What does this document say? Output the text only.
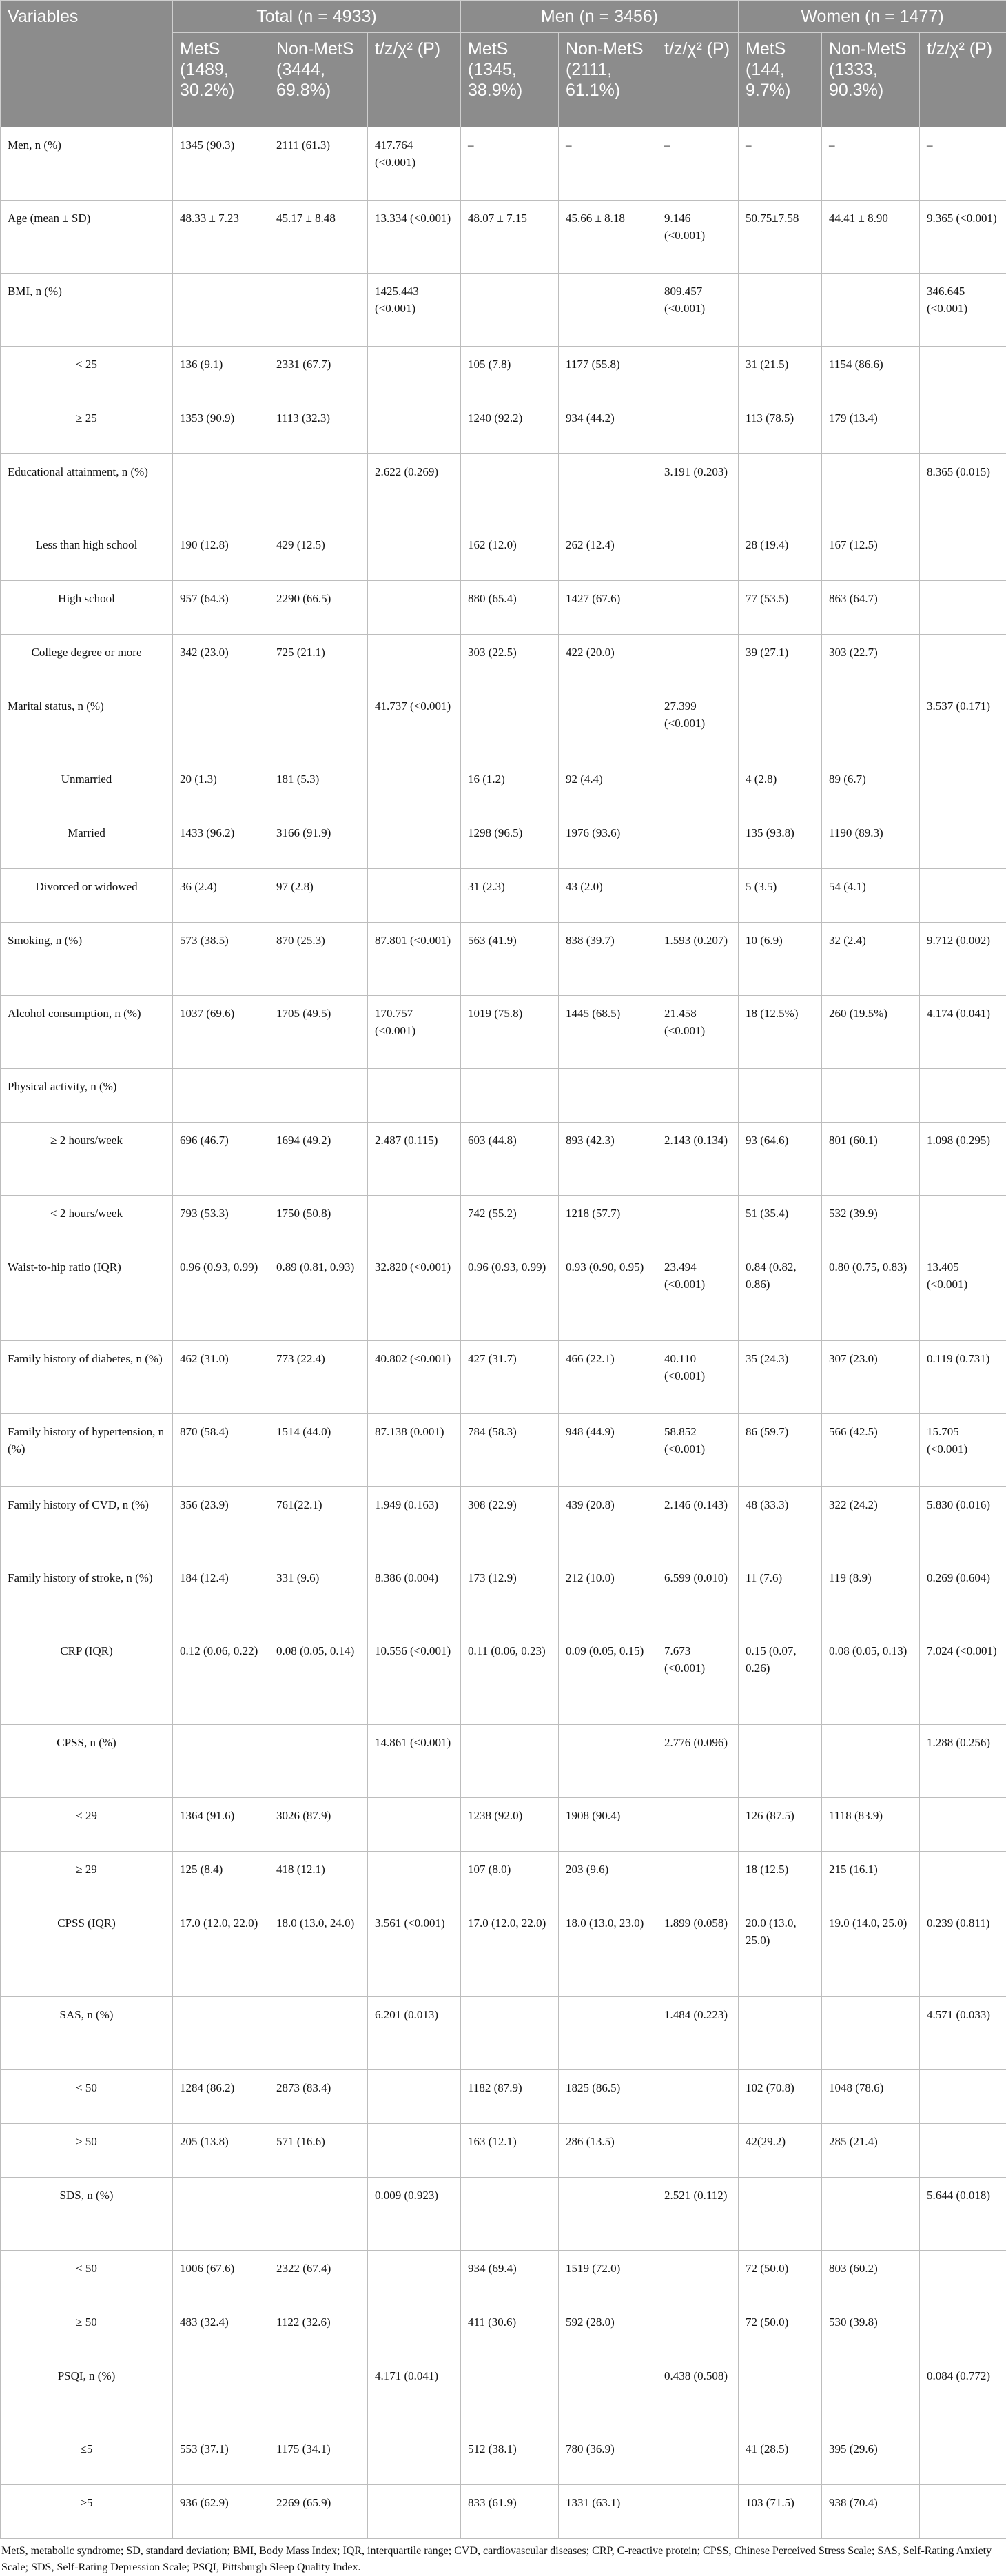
Variables	Total (n = 4933)			Men (n = 3456)			Women (n = 1477)		
	MetS (1489, 30.2%)	Non-MetS (3444, 69.8%)	t/z/χ² (P)	MetS (1345, 38.9%)	Non-MetS (2111, 61.1%)	t/z/χ² (P)	MetS (144, 9.7%)	Non-MetS (1333, 90.3%)	t/z/χ² (P)
Men, n (%)	1345 (90.3)	2111 (61.3)	417.764 (<0.001)	–	–	–	–	–	–
Age (mean ± SD)	48.33 ± 7.23	45.17 ± 8.48	13.334 (<0.001)	48.07 ± 7.15	45.66 ± 8.18	9.146 (<0.001)	50.75±7.58	44.41 ± 8.90	9.365 (<0.001)
BMI, n (%)			1425.443 (<0.001)			809.457 (<0.001)			346.645 (<0.001)
< 25	136 (9.1)	2331 (67.7)		105 (7.8)	1177 (55.8)		31 (21.5)	1154 (86.6)	
≥ 25	1353 (90.9)	1113 (32.3)		1240 (92.2)	934 (44.2)		113 (78.5)	179 (13.4)	
Educational attainment, n (%)			2.622 (0.269)			3.191 (0.203)			8.365 (0.015)
Less than high school	190 (12.8)	429 (12.5)		162 (12.0)	262 (12.4)		28 (19.4)	167 (12.5)	
High school	957 (64.3)	2290 (66.5)		880 (65.4)	1427 (67.6)		77 (53.5)	863 (64.7)	
College degree or more	342 (23.0)	725 (21.1)		303 (22.5)	422 (20.0)		39 (27.1)	303 (22.7)	
Marital status, n (%)			41.737 (<0.001)			27.399 (<0.001)			3.537 (0.171)
Unmarried	20 (1.3)	181 (5.3)		16 (1.2)	92 (4.4)		4 (2.8)	89 (6.7)	
Married	1433 (96.2)	3166 (91.9)		1298 (96.5)	1976 (93.6)		135 (93.8)	1190 (89.3)	
Divorced or widowed	36 (2.4)	97 (2.8)		31 (2.3)	43 (2.0)		5 (3.5)	54 (4.1)	
Smoking, n (%)	573 (38.5)	870 (25.3)	87.801 (<0.001)	563 (41.9)	838 (39.7)	1.593 (0.207)	10 (6.9)	32 (2.4)	9.712 (0.002)
Alcohol consumption, n (%)	1037 (69.6)	1705 (49.5)	170.757 (<0.001)	1019 (75.8)	1445 (68.5)	21.458 (<0.001)	18 (12.5%)	260 (19.5%)	4.174 (0.041)
Physical activity, n (%)									
≥ 2 hours/week	696 (46.7)	1694 (49.2)	2.487 (0.115)	603 (44.8)	893 (42.3)	2.143 (0.134)	93 (64.6)	801 (60.1)	1.098 (0.295)
< 2 hours/week	793 (53.3)	1750 (50.8)		742 (55.2)	1218 (57.7)		51 (35.4)	532 (39.9)	
Waist-to-hip ratio (IQR)	0.96 (0.93, 0.99)	0.89 (0.81, 0.93)	32.820 (<0.001)	0.96 (0.93, 0.99)	0.93 (0.90, 0.95)	23.494 (<0.001)	0.84 (0.82, 0.86)	0.80 (0.75, 0.83)	13.405 (<0.001)
Family history of diabetes, n (%)	462 (31.0)	773 (22.4)	40.802 (<0.001)	427 (31.7)	466 (22.1)	40.110 (<0.001)	35 (24.3)	307 (23.0)	0.119 (0.731)
Family history of hypertension, n (%)	870 (58.4)	1514 (44.0)	87.138 (0.001)	784 (58.3)	948 (44.9)	58.852 (<0.001)	86 (59.7)	566 (42.5)	15.705 (<0.001)
Family history of CVD, n (%)	356 (23.9)	761(22.1)	1.949 (0.163)	308 (22.9)	439 (20.8)	2.146 (0.143)	48 (33.3)	322 (24.2)	5.830 (0.016)
Family history of stroke, n (%)	184 (12.4)	331 (9.6)	8.386 (0.004)	173 (12.9)	212 (10.0)	6.599 (0.010)	11 (7.6)	119 (8.9)	0.269 (0.604)
CRP (IQR)	0.12 (0.06, 0.22)	0.08 (0.05, 0.14)	10.556 (<0.001)	0.11 (0.06, 0.23)	0.09 (0.05, 0.15)	7.673 (<0.001)	0.15 (0.07, 0.26)	0.08 (0.05, 0.13)	7.024 (<0.001)
CPSS, n (%)			14.861 (<0.001)			2.776 (0.096)			1.288 (0.256)
< 29	1364 (91.6)	3026 (87.9)		1238 (92.0)	1908 (90.4)		126 (87.5)	1118 (83.9)	
≥ 29	125 (8.4)	418 (12.1)		107 (8.0)	203 (9.6)		18 (12.5)	215 (16.1)	
CPSS (IQR)	17.0 (12.0, 22.0)	18.0 (13.0, 24.0)	3.561 (<0.001)	17.0 (12.0, 22.0)	18.0 (13.0, 23.0)	1.899 (0.058)	20.0 (13.0, 25.0)	19.0 (14.0, 25.0)	0.239 (0.811)
SAS, n (%)			6.201 (0.013)			1.484 (0.223)			4.571 (0.033)
< 50	1284 (86.2)	2873 (83.4)		1182 (87.9)	1825 (86.5)		102 (70.8)	1048 (78.6)	
≥ 50	205 (13.8)	571 (16.6)		163 (12.1)	286 (13.5)		42(29.2)	285 (21.4)	
SDS, n (%)			0.009 (0.923)			2.521 (0.112)			5.644 (0.018)
< 50	1006 (67.6)	2322 (67.4)		934 (69.4)	1519 (72.0)		72 (50.0)	803 (60.2)	
≥ 50	483 (32.4)	1122 (32.6)		411 (30.6)	592 (28.0)		72 (50.0)	530 (39.8)	
PSQI, n (%)			4.171 (0.041)			0.438 (0.508)			0.084 (0.772)
≤5	553 (37.1)	1175 (34.1)		512 (38.1)	780 (36.9)		41 (28.5)	395 (29.6)	
>5	936 (62.9)	2269 (65.9)		833 (61.9)	1331 (63.1)		103 (71.5)	938 (70.4)	
MetS, metabolic syndrome; SD, standard deviation; BMI, Body Mass Index; IQR, interquartile range; CVD, cardiovascular diseases; CRP, C-reactive protein; CPSS, Chinese Perceived Stress Scale; SAS, Self-Rating Anxiety Scale; SDS, Self-Rating Depression Scale; PSQI, Pittsburgh Sleep Quality Index.
